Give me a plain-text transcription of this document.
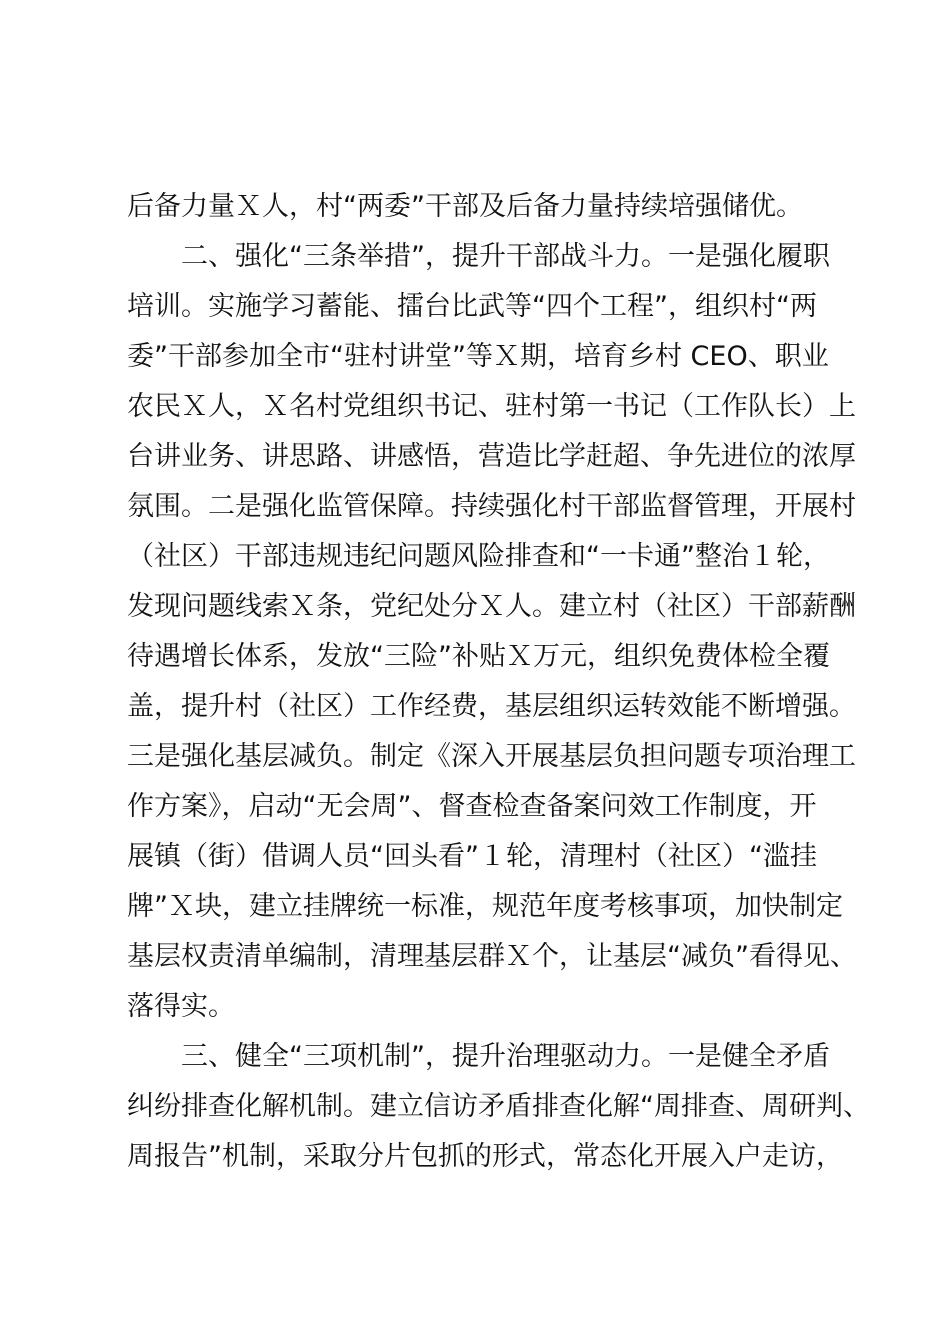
后备力量Ｘ人，村“两委”干部及后备力量持续培强储优。
二、强化“三条举措”，提升干部战斗力。一是强化履职
培训。实施学习蓄能、擂台比武等“四个工程”，组织村“两
委”干部参加全市“驻村讲堂”等Ｘ期，培育乡村 CEO、职业
农民Ｘ人，Ｘ名村党组织书记、驻村第一书记（工作队长）上
台讲业务、讲思路、讲感悟，营造比学赶超、争先进位的浓厚
氛围。二是强化监管保障。持续强化村干部监督管理，开展村
（社区）干部违规违纪问题风险排查和“一卡通”整治１轮，
发现问题线索Ｘ条，党纪处分Ｘ人。建立村（社区）干部薪酬
待遇增长体系，发放“三险”补贴Ｘ万元，组织免费体检全覆
盖，提升村（社区）工作经费，基层组织运转效能不断增强。
三是强化基层减负。制定《深入开展基层负担问题专项治理工
作方案》，启动“无会周”、督查检查备案问效工作制度，开
展镇（街）借调人员“回头看”１轮，清理村（社区）“滥挂
牌”Ｘ块，建立挂牌统一标准，规范年度考核事项，加快制定
基层权责清单编制，清理基层群Ｘ个，让基层“减负”看得见、
落得实。
三、健全“三项机制”，提升治理驱动力。一是健全矛盾
纠纷排查化解机制。建立信访矛盾排查化解“周排查、周研判、
周报告”机制，采取分片包抓的形式，常态化开展入户走访，
